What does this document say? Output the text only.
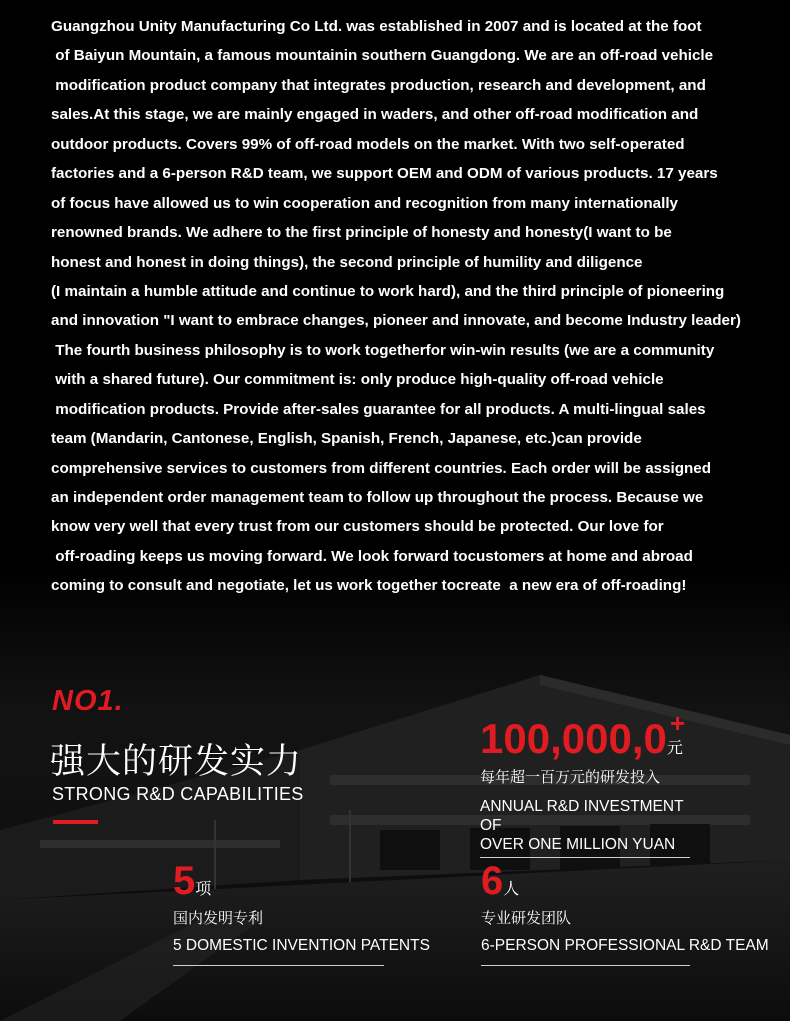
Guangzhou Unity Manufacturing Co Ltd. was established in 2007 and is located at the foot
of Baiyun Mountain, a famous mountainin southern Guangdong. We are an off-road vehicle
modification product company that integrates production, research and development, and
sales.At this stage, we are mainly engaged in waders, and other off-road modification and
outdoor products. Covers 99% of off-road models on the market. With two self-operated
factories and a 6-person R&D team, we support OEM and ODM of various products. 17 years
of focus have allowed us to win cooperation and recognition from many internationally
renowned brands. We adhere to the first principle of honesty and honesty(I want to be
honest and honest in doing things), the second principle of humility and diligence
(I maintain a humble attitude and continue to work hard), and the third principle of pioneering
and innovation "I want to embrace changes, pioneer and innovate, and become Industry leader)
The fourth business philosophy is to work togetherfor win-win results (we are a community
with a shared future). Our commitment is: only produce high-quality off-road vehicle
modification products. Provide after-sales guarantee for all products. A multi-lingual sales
team (Mandarin, Cantonese, English, Spanish, French, Japanese, etc.)can provide
comprehensive services to customers from different countries. Each order will be assigned
an independent order management team to follow up throughout the process. Because we
know very well that every trust from our customers should be protected. Our love for
off-roading keeps us moving forward. We look forward tocustomers at home and abroad
coming to consult and negotiate, let us work together tocreate  a new era of off-roading!
NO1.
强大的研发实力
STRONG R&D CAPABILITIES
+
100,000,0元
每年超一百万元的研发投入
ANNUAL R&D INVESTMENT OF
OVER ONE MILLION YUAN
5项
国内发明专利
5 DOMESTIC INVENTION PATENTS
6人
专业研发团队
6-PERSON PROFESSIONAL R&D TEAM
